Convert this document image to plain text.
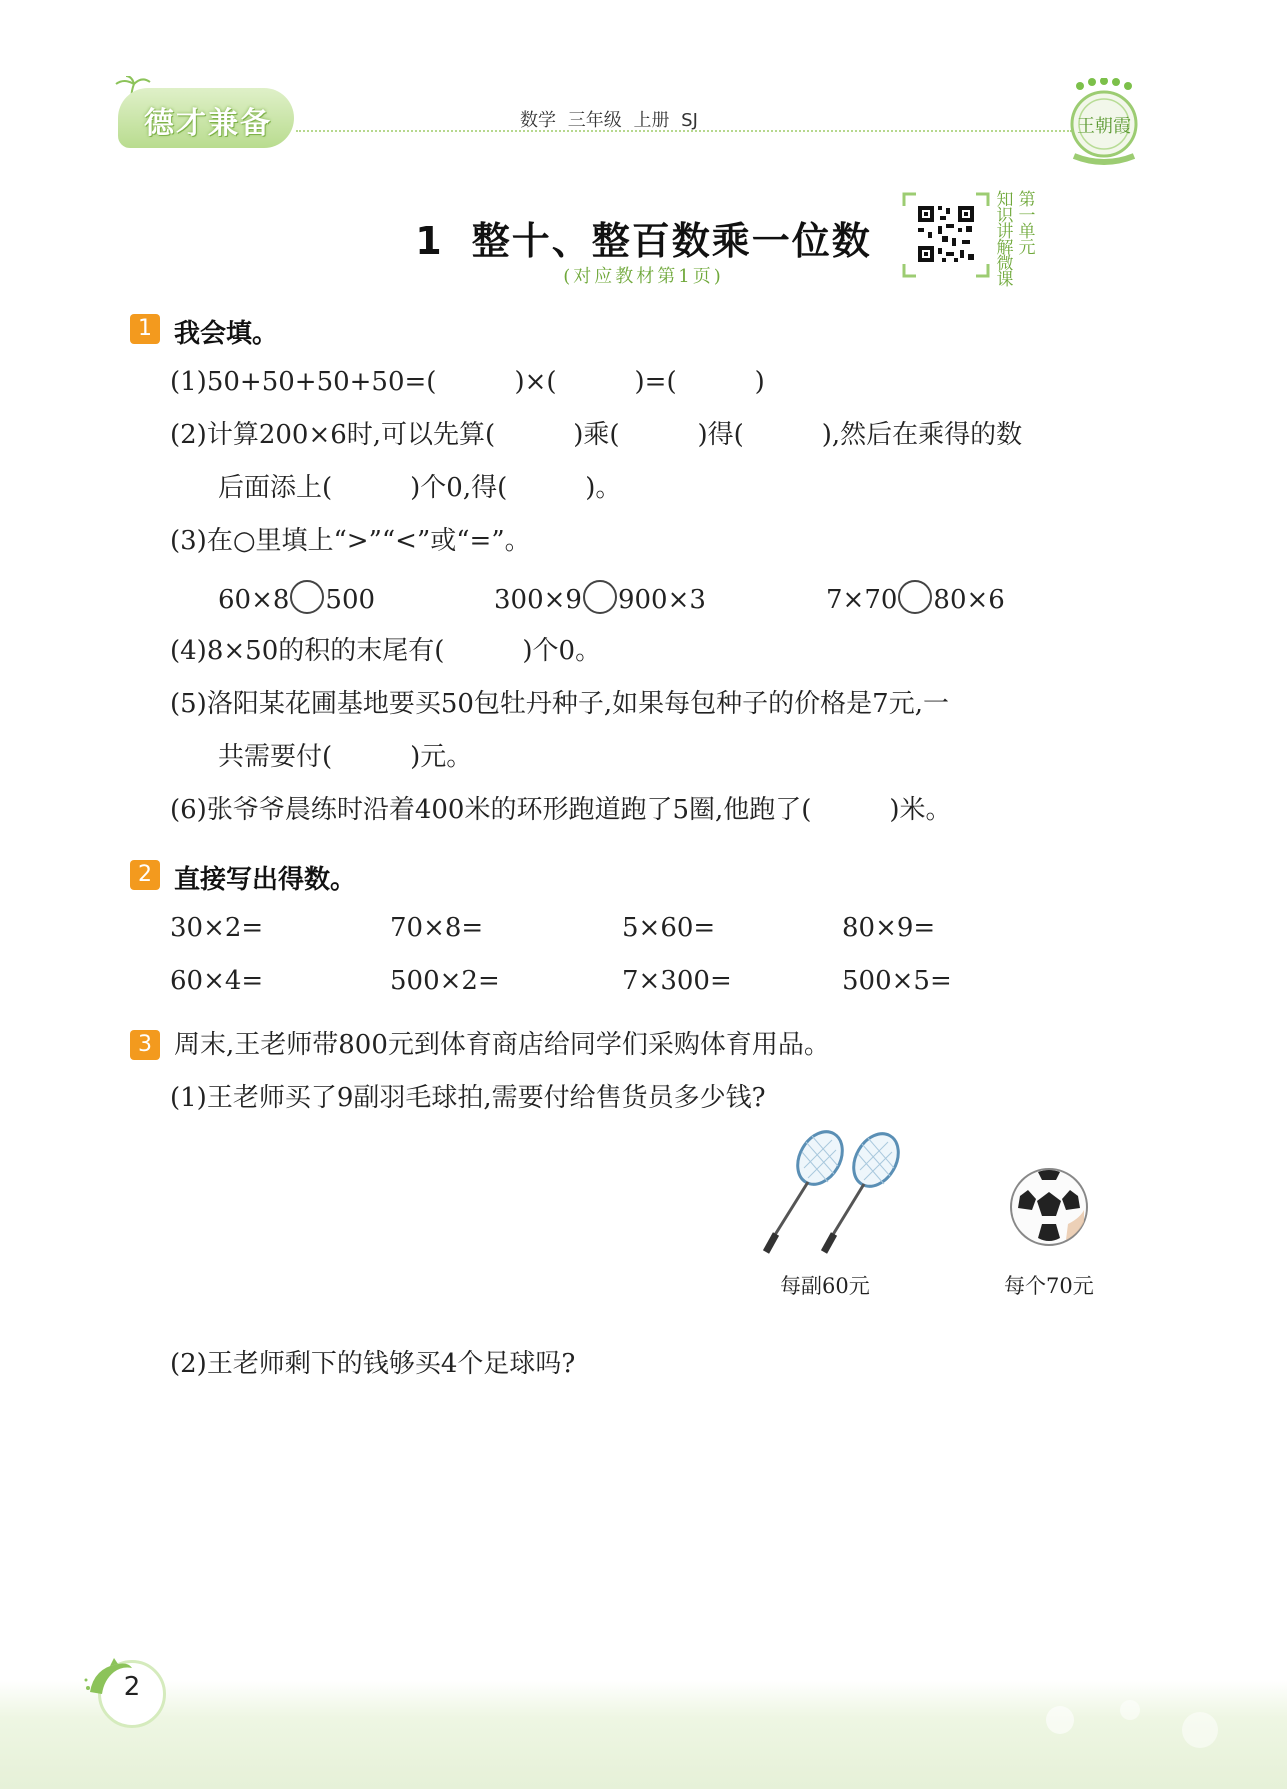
德才兼备	数学 三年级 上册 SJ	王朝霞
1 整十、整百数乘一位数
(对应教材第1页)
知识讲解微课
第一单元
1 我会填。
(1)50+50+50+50=(　　　)×(　　　)=(　　　)
(2)计算200×6时,可以先算(　　　)乘(　　　)得(　　　),然后在乘得的数
后面添上(　　　)个0,得(　　　)。
(3)在○里填上“>”“<”或“=”。
60×8 500	300×9 900×3	7×70 80×6
(4)8×50的积的末尾有(　　　)个0。
(5)洛阳某花圃基地要买50包牡丹种子,如果每包种子的价格是7元,一
共需要付(　　　)元。
(6)张爷爷晨练时沿着400米的环形跑道跑了5圈,他跑了(　　　)米。
2 直接写出得数。
30×2=	70×8=	5×60=	80×9=
60×4=	500×2=	7×300=	500×5=
3 周末,王老师带800元到体育商店给同学们采购体育用品。
(1)王老师买了9副羽毛球拍,需要付给售货员多少钱?
每副60元	每个70元
(2)王老师剩下的钱够买4个足球吗?
2
